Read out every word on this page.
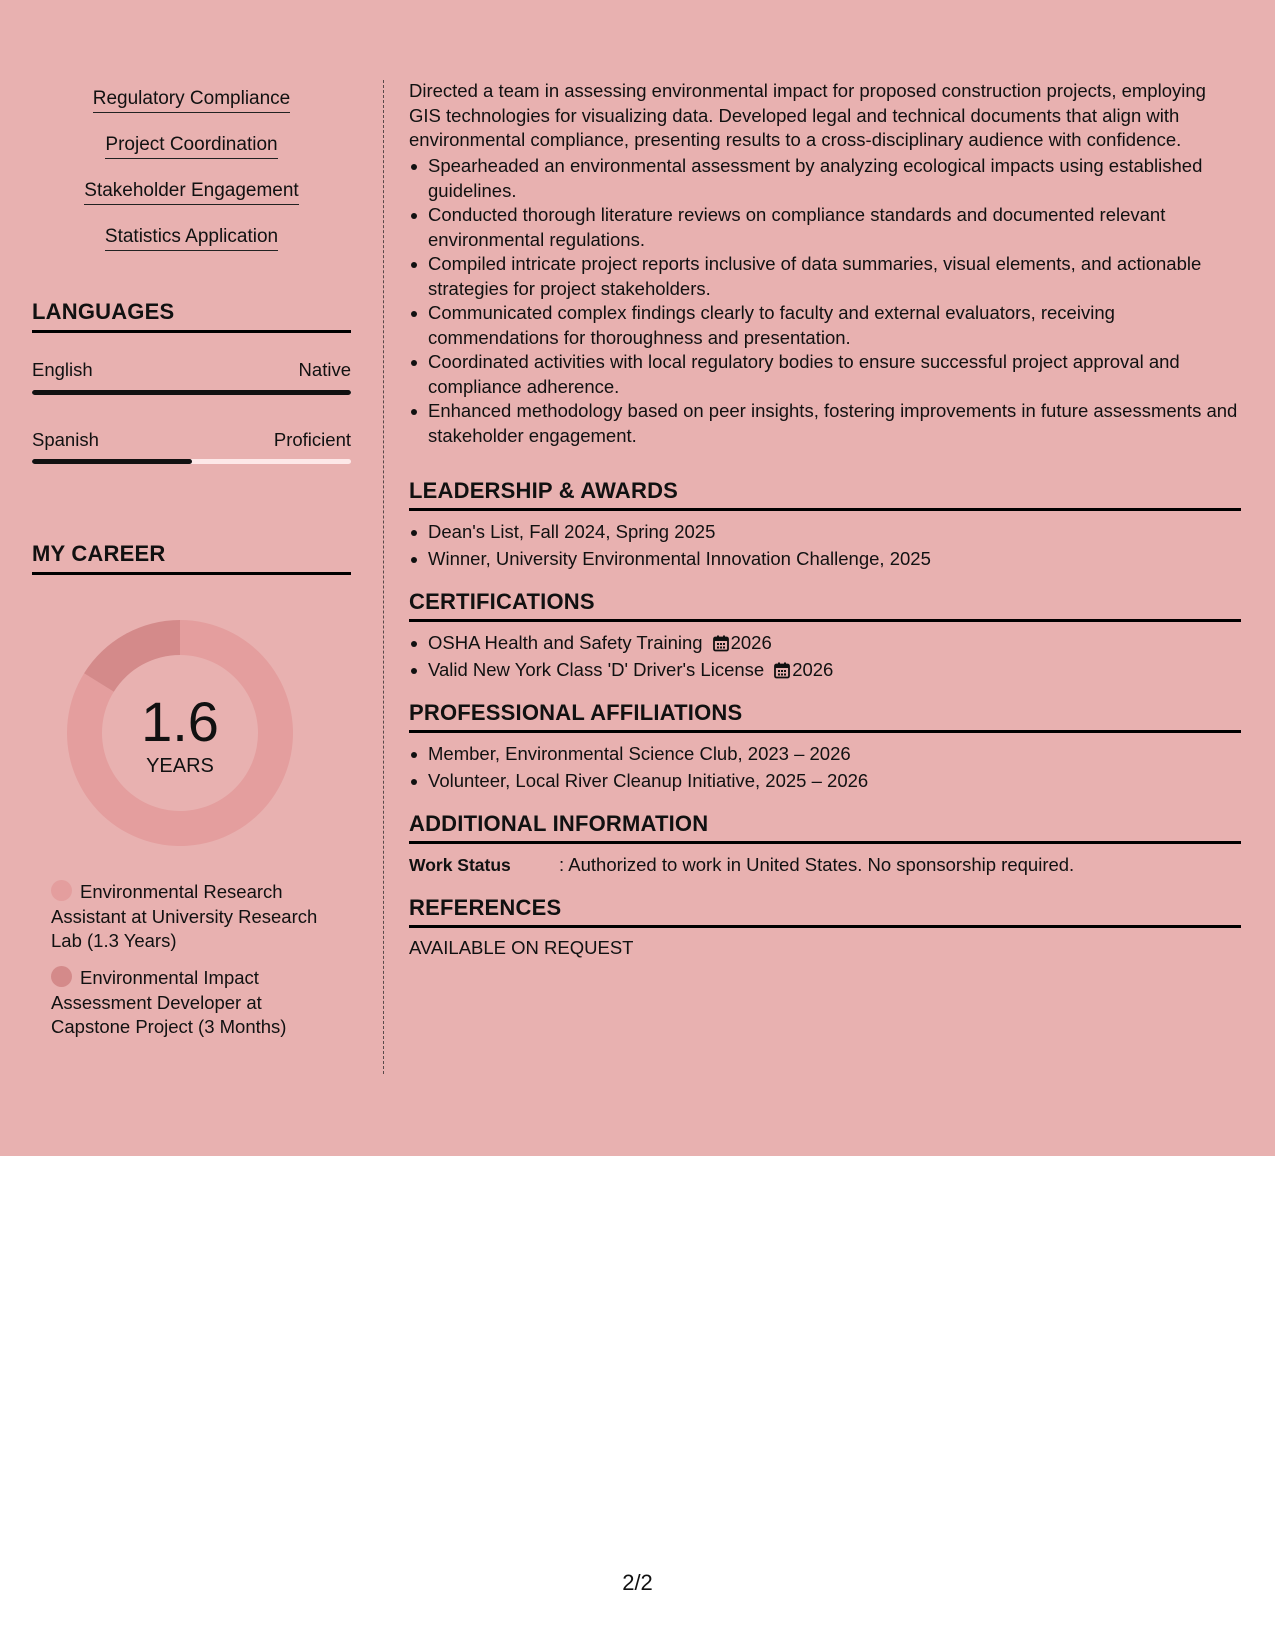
Regulatory Compliance
Project Coordination
Stakeholder Engagement
Statistics Application
LANGUAGES
English	Native
Spanish	Proficient
MY CAREER
1.6
YEARS
Environmental Research Assistant at University Research Lab (1.3 Years)
Environmental Impact Assessment Developer at Capstone Project (3 Months)

Directed a team in assessing environmental impact for proposed construction projects, employing GIS technologies for visualizing data. Developed legal and technical documents that align with environmental compliance, presenting results to a cross-disciplinary audience with confidence.

Spearheaded an environmental assessment by analyzing ecological impacts using established guidelines.
Conducted thorough literature reviews on compliance standards and documented relevant environmental regulations.
Compiled intricate project reports inclusive of data summaries, visual elements, and actionable strategies for project stakeholders.
Communicated complex findings clearly to faculty and external evaluators, receiving commendations for thoroughness and presentation.
Coordinated activities with local regulatory bodies to ensure successful project approval and compliance adherence.
Enhanced methodology based on peer insights, fostering improvements in future assessments and stakeholder engagement.
LEADERSHIP & AWARDS
Dean's List, Fall 2024, Spring 2025
Winner, University Environmental Innovation Challenge, 2025
CERTIFICATIONS
OSHA Health and Safety Training 2026
Valid New York Class 'D' Driver's License 2026
PROFESSIONAL AFFILIATIONS
Member, Environmental Science Club, 2023 – 2026
Volunteer, Local River Cleanup Initiative, 2025 – 2026
ADDITIONAL INFORMATION
Work Status	: Authorized to work in United States. No sponsorship required.
REFERENCES
AVAILABLE ON REQUEST
2/2
